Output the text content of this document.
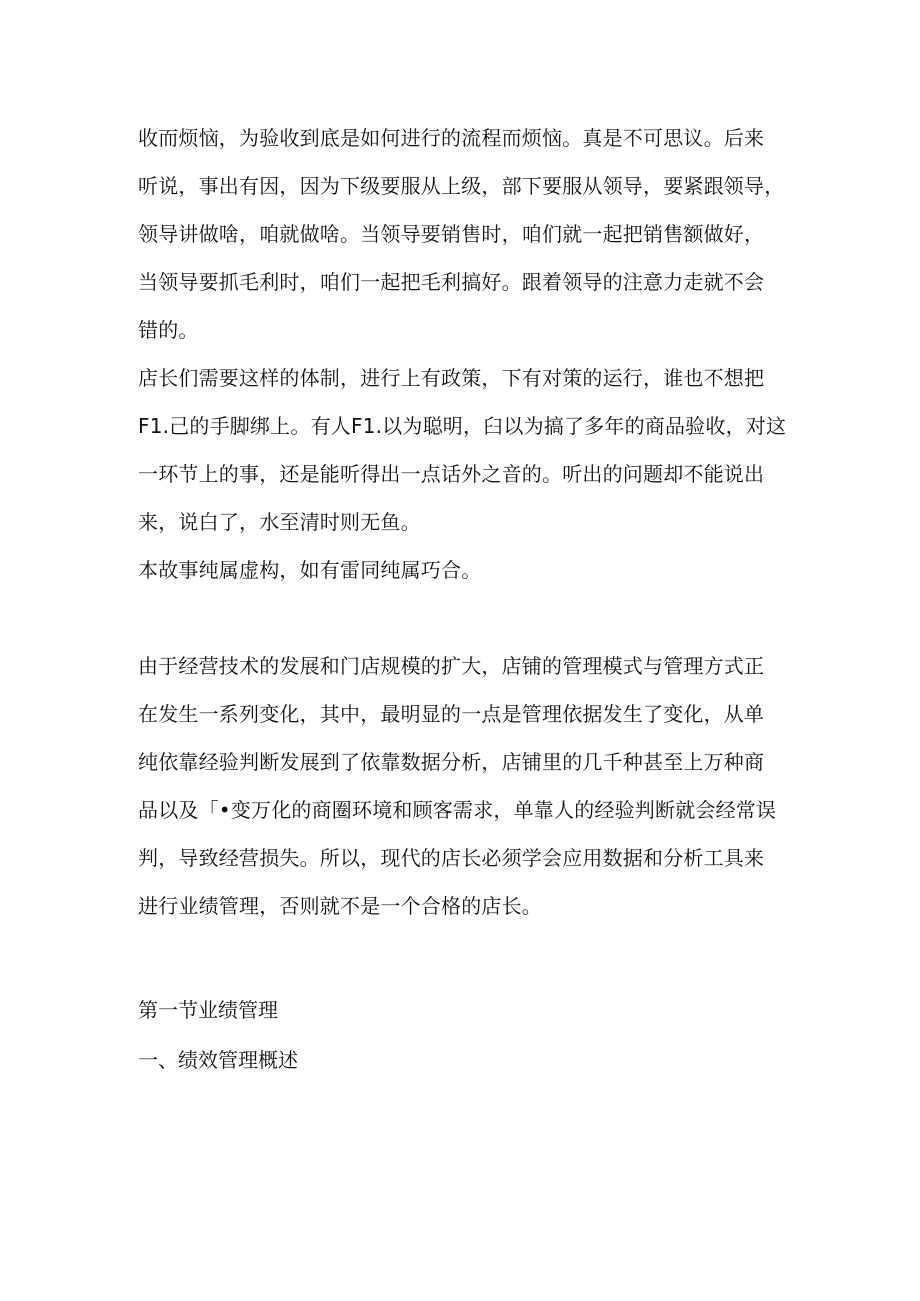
收而烦恼，为验收到底是如何进行的流程而烦恼。真是不可思议。后来
听说，事出有因，因为下级要服从上级，部下要服从领导，要紧跟领导，
领导讲做啥，咱就做啥。当领导要销售时，咱们就一起把销售额做好，
当领导要抓毛利时，咱们一起把毛利搞好。跟着领导的注意力走就不会
错的。
店长们需要这样的体制，进行上有政策，下有对策的运行，谁也不想把
F1.己的手脚绑上。有人F1.以为聪明，臼以为搞了多年的商品验收，对这
一环节上的事，还是能听得出一点话外之音的。听出的问题却不能说出
来，说白了，水至清时则无鱼。
本故事纯属虚构，如有雷同纯属巧合。
由于经营技术的发展和门店规模的扩大，店铺的管理模式与管理方式正
在发生一系列变化，其中，最明显的一点是管理依据发生了变化，从单
纯依靠经验判断发展到了依靠数据分析，店铺里的几千种甚至上万种商
品以及「•变万化的商圈环境和顾客需求，单靠人的经验判断就会经常误
判，导致经营损失。所以，现代的店长必须学会应用数据和分析工具来
进行业绩管理，否则就不是一个合格的店长。
第一节业绩管理
一、绩效管理概述
